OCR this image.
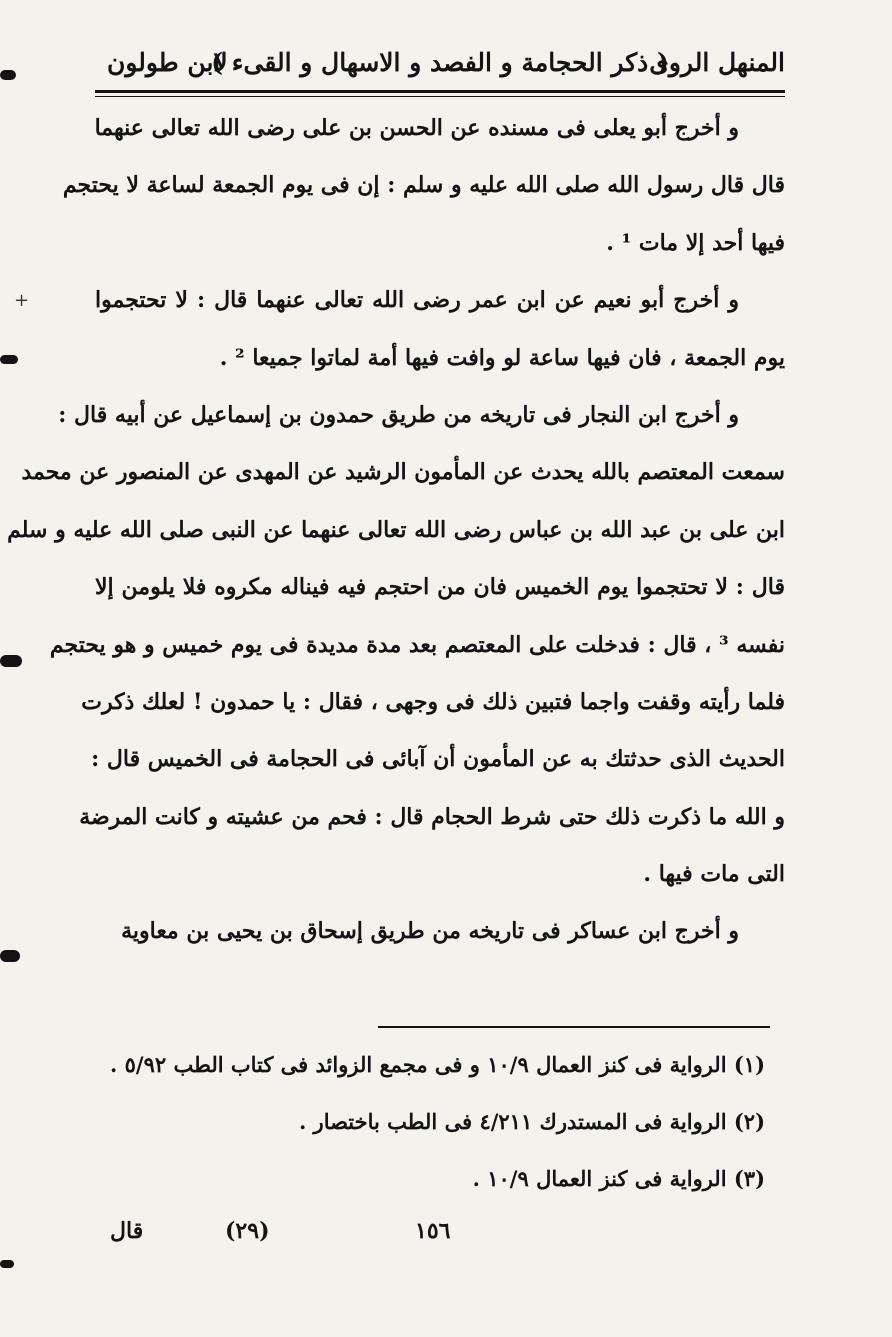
المنهل الروى
( ذكر الحجامة و الفصد و الاسهال و القىء )
لابن طولون
و أخرج أبو يعلى فى مسنده عن الحسن بن على رضى الله تعالى عنهما
قال قال رسول الله صلى الله عليه و سلم : إن فى يوم الجمعة لساعة لا يحتجم
فيها أحد إلا مات ¹ .
و أخرج أبو نعيم عن ابن عمر رضى الله تعالى عنهما قال : لا تحتجموا
يوم الجمعة ، فان فيها ساعة لو وافت فيها أمة لماتوا جميعا ² .
و أخرج ابن النجار فى تاريخه من طريق حمدون بن إسماعيل عن أبيه قال :
سمعت المعتصم بالله يحدث عن المأمون الرشيد عن المهدى عن المنصور عن محمد
ابن على بن عبد الله بن عباس رضى الله تعالى عنهما عن النبى صلى الله عليه و سلم
قال : لا تحتجموا يوم الخميس فان من احتجم فيه فيناله مكروه فلا يلومن إلا
نفسه ³ ، قال : فدخلت على المعتصم بعد مدة مديدة فى يوم خميس و هو يحتجم
فلما رأيته وقفت واجما فتبين ذلك فى وجهى ، فقال : يا حمدون ! لعلك ذكرت
الحديث الذى حدثتك به عن المأمون أن آبائى فى الحجامة فى الخميس قال :
و الله ما ذكرت ذلك حتى شرط الحجام قال : فحم من عشيته و كانت المرضة
التى مات فيها .
و أخرج ابن عساكر فى تاريخه من طريق إسحاق بن يحيى بن معاوية
(١) الرواية فى كنز العمال ١٠/٩ و فى مجمع الزوائد فى كتاب الطب ٥/٩٢ .
(٢) الرواية فى المستدرك ٤/٢١١ فى الطب باختصار .
(٣) الرواية فى كنز العمال ١٠/٩ .
١٥٦
(٢٩)
قال
+
